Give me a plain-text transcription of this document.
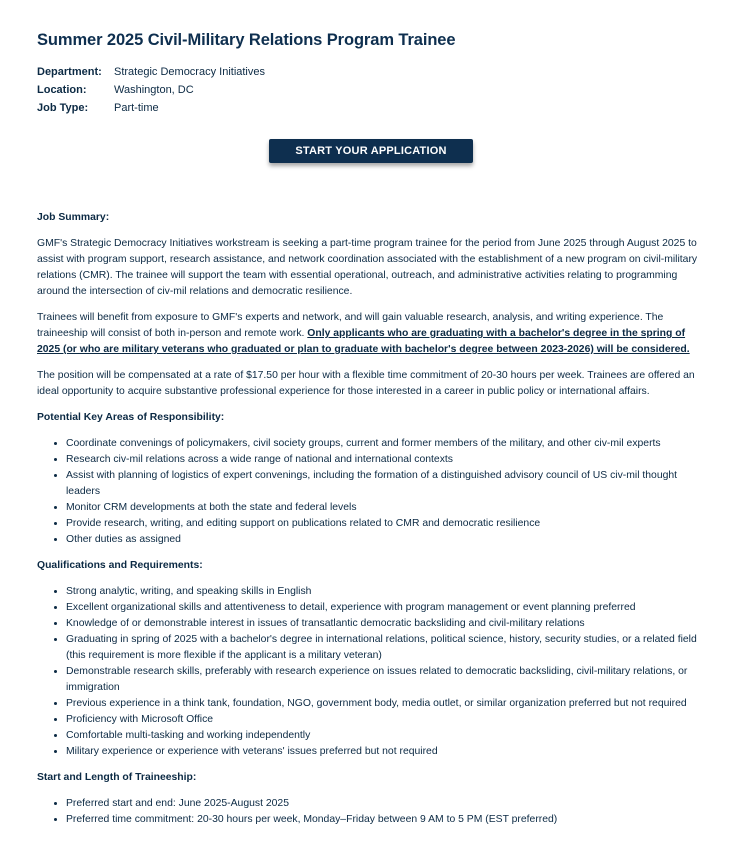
Summer 2025 Civil-Military Relations Program Trainee
Department: Strategic Democracy Initiatives
Location:	Washington, DC
Job Type: Part-time
START YOUR APPLICATION
Job Summary:

GMF's Strategic Democracy Initiatives workstream is seeking a part-time program trainee for the period from June 2025 through August 2025 to assist with program support, research assistance, and network coordination associated with the establishment of a new program on civil-military relations (CMR). The trainee will support the team with essential operational, outreach, and administrative activities relating to programming around the intersection of civ-mil relations and democratic resilience.

Trainees will benefit from exposure to GMF's experts and network, and will gain valuable research, analysis, and writing experience. The traineeship will consist of both in-person and remote work. Only applicants who are graduating with a bachelor's degree in the spring of 2025 (or who are military veterans who graduated or plan to graduate with bachelor's degree between 2023-2026) will be considered.

The position will be compensated at a rate of $17.50 per hour with a flexible time commitment of 20-30 hours per week. Trainees are offered an ideal opportunity to acquire substantive professional experience for those interested in a career in public policy or international affairs.

Potential Key Areas of Responsibility:
• Coordinate convenings of policymakers, civil society groups, current and former members of the military, and other civ-mil experts
• Research civ-mil relations across a wide range of national and international contexts
• Assist with planning of logistics of expert convenings, including the formation of a distinguished advisory council of US civ-mil thought leaders
• Monitor CRM developments at both the state and federal levels
• Provide research, writing, and editing support on publications related to CMR and democratic resilience
• Other duties as assigned
Qualifications and Requirements:
• Strong analytic, writing, and speaking skills in English
• Excellent organizational skills and attentiveness to detail, experience with program management or event planning preferred
• Knowledge of or demonstrable interest in issues of transatlantic democratic backsliding and civil-military relations
• Graduating in spring of 2025 with a bachelor's degree in international relations, political science, history, security studies, or a related field (this requirement is more flexible if the applicant is a military veteran)
• Demonstrable research skills, preferably with research experience on issues related to democratic backsliding, civil-military relations, or immigration
• Previous experience in a think tank, foundation, NGO, government body, media outlet, or similar organization preferred but not required
• Proficiency with Microsoft Office
• Comfortable multi-tasking and working independently
• Military experience or experience with veterans' issues preferred but not required
Start and Length of Traineeship:
• Preferred start and end: June 2025-August 2025
• Preferred time commitment: 20-30 hours per week, Monday–Friday between 9 AM to 5 PM (EST preferred)
